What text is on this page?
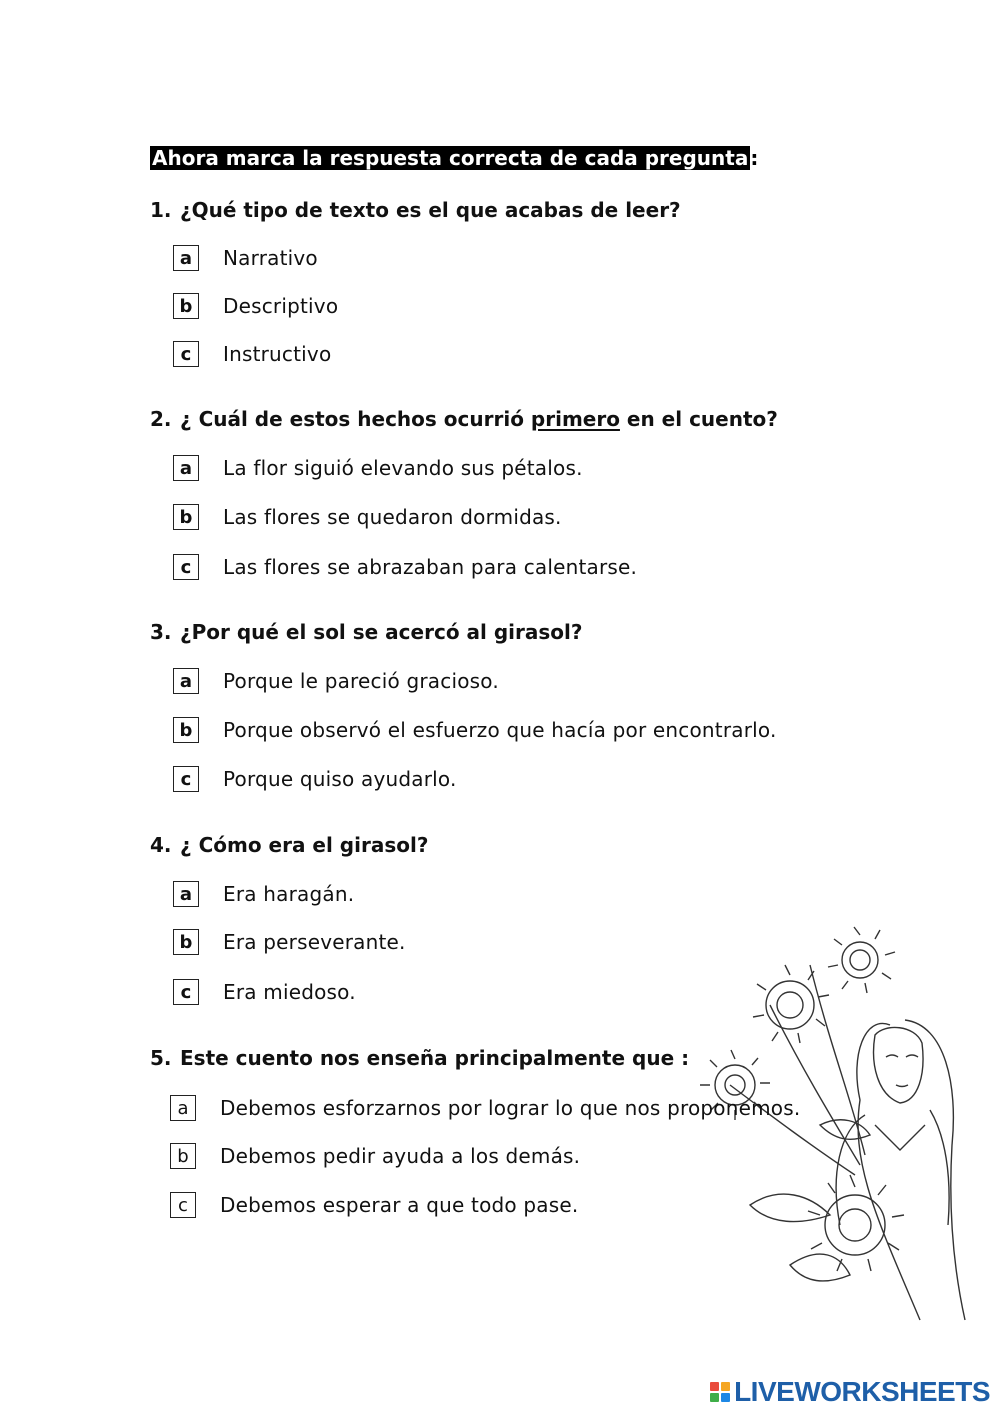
Ahora marca la respuesta correcta de cada pregunta :
1. ¿Qué tipo de texto es el que acabas de leer?
a	Narrativo
b	Descriptivo
c	Instructivo
2. ¿ Cuál de estos hechos ocurrió primero en el cuento?
a	La flor siguió elevando sus pétalos.
b	Las flores se quedaron dormidas.
c	Las flores se abrazaban para calentarse.
3. ¿Por qué el sol se acercó al girasol?
a	Porque le pareció gracioso.
b	Porque observó el esfuerzo que hacía por encontrarlo.
c	Porque quiso ayudarlo.
4. ¿ Cómo era el girasol?
a	Era haragán.
b	Era perseverante.
c	Era miedoso.
5. Este cuento nos enseña principalmente que :
a	Debemos esforzarnos por lograr lo que nos proponemos.
b	Debemos pedir ayuda a los demás.
c	Debemos esperar a que todo pase.
LIVEWORKSHEETS
